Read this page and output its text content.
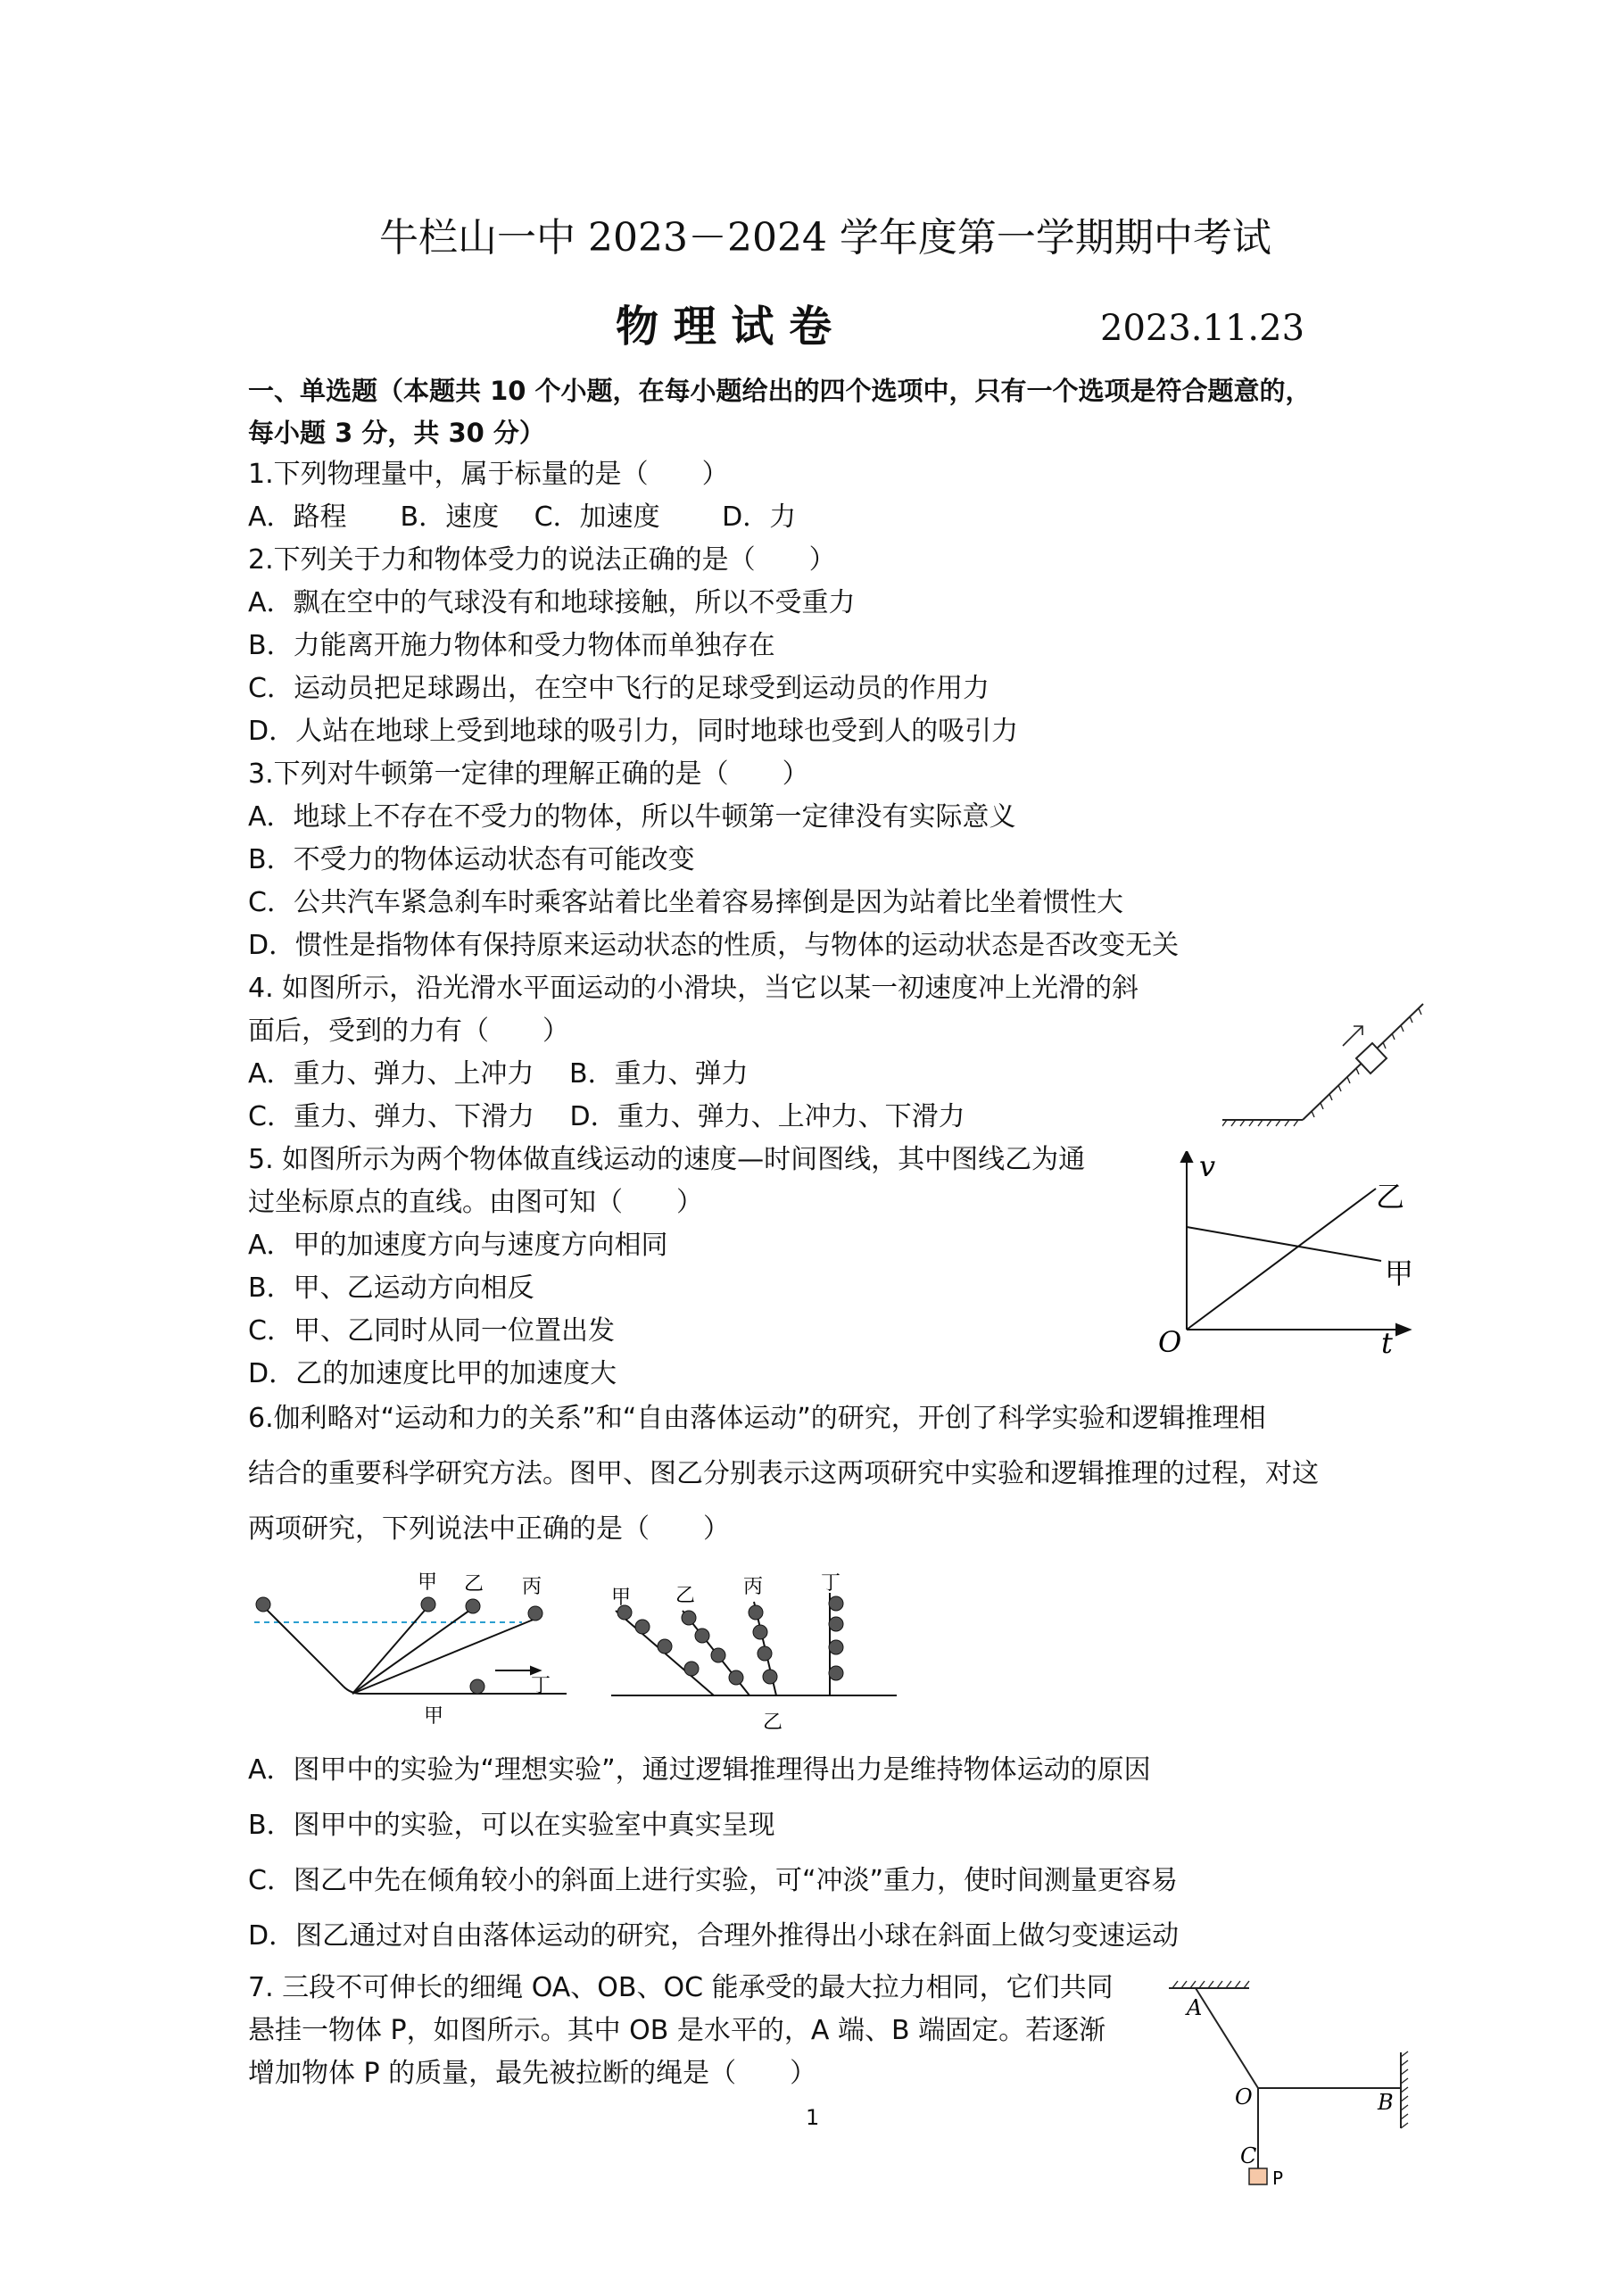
牛栏山一中 2023－2024 学年度第一学期期中考试
物 理 试 卷	2023.11.23
一、单选题（本题共 10 个小题，在每小题给出的四个选项中，只有一个选项是符合题意的，
每小题 3 分，共 30 分）
1.下列物理量中，属于标量的是（　　）
A．路程　　B．速度　 C．加速度　　 D．力
2.下列关于力和物体受力的说法正确的是（　　）
A．飘在空中的气球没有和地球接触，所以不受重力
B．力能离开施力物体和受力物体而单独存在
C．运动员把足球踢出，在空中飞行的足球受到运动员的作用力
D．人站在地球上受到地球的吸引力，同时地球也受到人的吸引力
3.下列对牛顿第一定律的理解正确的是（　　）
A．地球上不存在不受力的物体，所以牛顿第一定律没有实际意义
B．不受力的物体运动状态有可能改变
C．公共汽车紧急刹车时乘客站着比坐着容易摔倒是因为站着比坐着惯性大
D．惯性是指物体有保持原来运动状态的性质，与物体的运动状态是否改变无关
4. 如图所示，沿光滑水平面运动的小滑块，当它以某一初速度冲上光滑的斜
面后，受到的力有（　　）
A．重力、弹力、上冲力　 B．重力、弹力
C．重力、弹力、下滑力　 D．重力、弹力、上冲力、下滑力
5. 如图所示为两个物体做直线运动的速度—时间图线，其中图线乙为通
过坐标原点的直线。由图可知（　　）
A．甲的加速度方向与速度方向相同
B．甲、乙运动方向相反
C．甲、乙同时从同一位置出发
D．乙的加速度比甲的加速度大
v
t
O
乙
甲
6.伽利略对“运动和力的关系”和“自由落体运动”的研究，开创了科学实验和逻辑推理相
结合的重要科学研究方法。图甲、图乙分别表示这两项研究中实验和逻辑推理的过程，对这
两项研究，下列说法中正确的是（　　）
甲 乙 丙
丁
甲
甲 乙 丙	丁
乙
A．图甲中的实验为“理想实验”，通过逻辑推理得出力是维持物体运动的原因
B．图甲中的实验，可以在实验室中真实呈现
C．图乙中先在倾角较小的斜面上进行实验，可“冲淡”重力，使时间测量更容易
D．图乙通过对自由落体运动的研究，合理外推得出小球在斜面上做匀变速运动
7. 三段不可伸长的细绳 OA、OB、OC 能承受的最大拉力相同，它们共同
悬挂一物体 P，如图所示。其中 OB 是水平的，A 端、B 端固定。若逐渐
增加物体 P 的质量，最先被拉断的绳是（　　）
A
O	B
C
P
1
